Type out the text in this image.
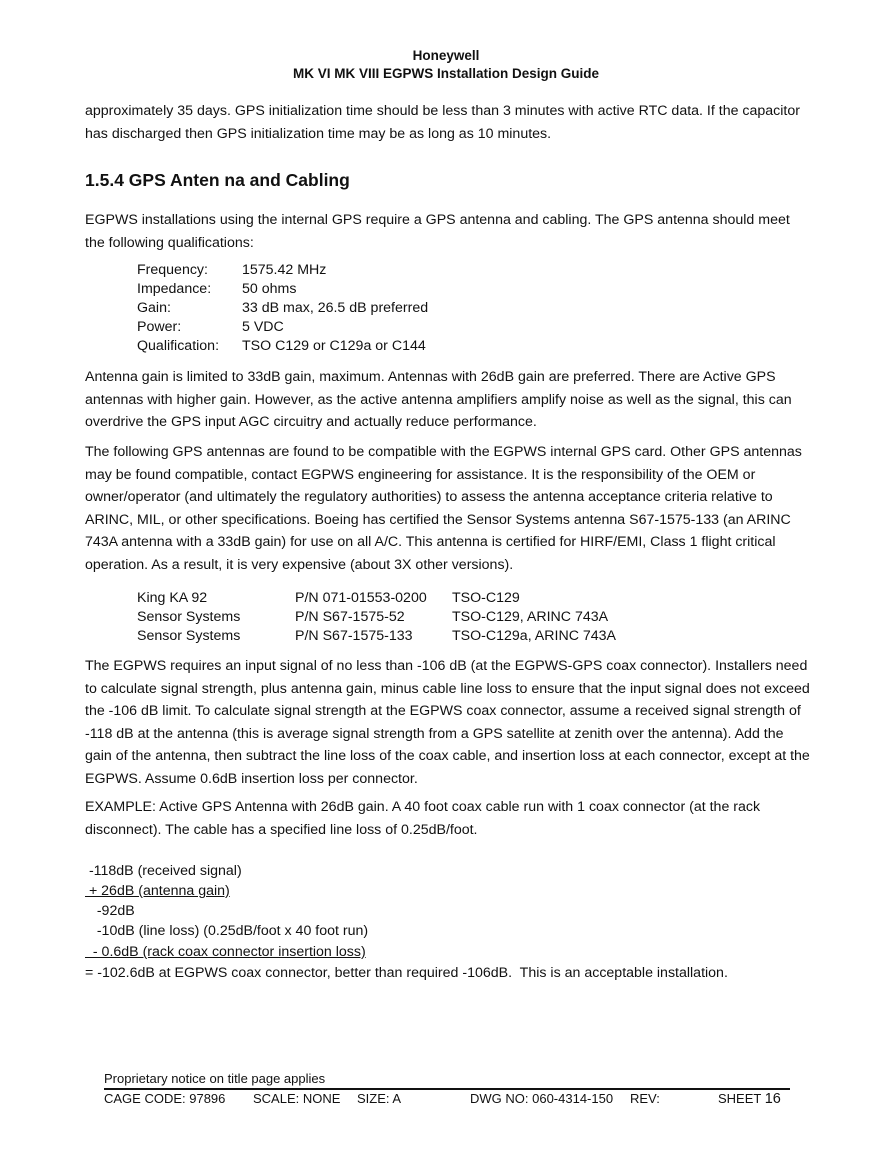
Honeywell
MK VI MK VIII EGPWS Installation Design Guide

approximately 35 days. GPS initialization time should be less than 3 minutes with active RTC data. If the capacitor has discharged then GPS initialization time may be as long as 10 minutes.

1.5.4 GPS Anten na and Cabling

EGPWS installations using the internal GPS require a GPS antenna and cabling. The GPS antenna should meet the following qualifications:

Frequency: 1575.42 MHz
Impedance: 50 ohms
Gain:	33 dB max, 26.5 dB preferred
Power:	5 VDC
Qualification: TSO C129 or C129a or C144

Antenna gain is limited to 33dB gain, maximum. Antennas with 26dB gain are preferred. There are Active GPS antennas with higher gain. However, as the active antenna amplifiers amplify noise as well as the signal, this can overdrive the GPS input AGC circuitry and actually reduce performance.

The following GPS antennas are found to be compatible with the EGPWS internal GPS card. Other GPS antennas may be found compatible, contact EGPWS engineering for assistance. It is the responsibility of the OEM or owner/operator (and ultimately the regulatory authorities) to assess the antenna acceptance criteria relative to ARINC, MIL, or other specifications. Boeing has certified the Sensor Systems antenna S67-1575-133 (an ARINC 743A antenna with a 33dB gain) for use on all A/C. This antenna is certified for HIRF/EMI, Class 1 flight critical operation. As a result, it is very expensive (about 3X other versions).

King KA 92	P/N 071-01553-0200 TSO-C129
Sensor Systems	P/N S67-1575-52	TSO-C129, ARINC 743A
Sensor Systems	P/N S67-1575-133	TSO-C129a, ARINC 743A

The EGPWS requires an input signal of no less than -106 dB (at the EGPWS-GPS coax connector). Installers need to calculate signal strength, plus antenna gain, minus cable line loss to ensure that the input signal does not exceed the -106 dB limit. To calculate signal strength at the EGPWS coax connector, assume a received signal strength of -118 dB at the antenna (this is average signal strength from a GPS satellite at zenith over the antenna). Add the gain of the antenna, then subtract the line loss of the coax cable, and insertion loss at each connector, except at the EGPWS. Assume 0.6dB insertion loss per connector.

EXAMPLE: Active GPS Antenna with 26dB gain. A 40 foot coax cable run with 1 coax connector (at the rack disconnect). The cable has a specified line loss of 0.25dB/foot.

-118dB (received signal)
+ 26dB (antenna gain)
-92dB
-10dB (line loss) (0.25dB/foot x 40 foot run)
- 0.6dB (rack coax connector insertion loss)
= -102.6dB at EGPWS coax connector, better than required -106dB.  This is an acceptable installation.
Proprietary notice on title page applies
CAGE CODE: 97896 SCALE: NONE SIZE: A	DWG NO: 060-4314-150 REV:	SHEET 16
